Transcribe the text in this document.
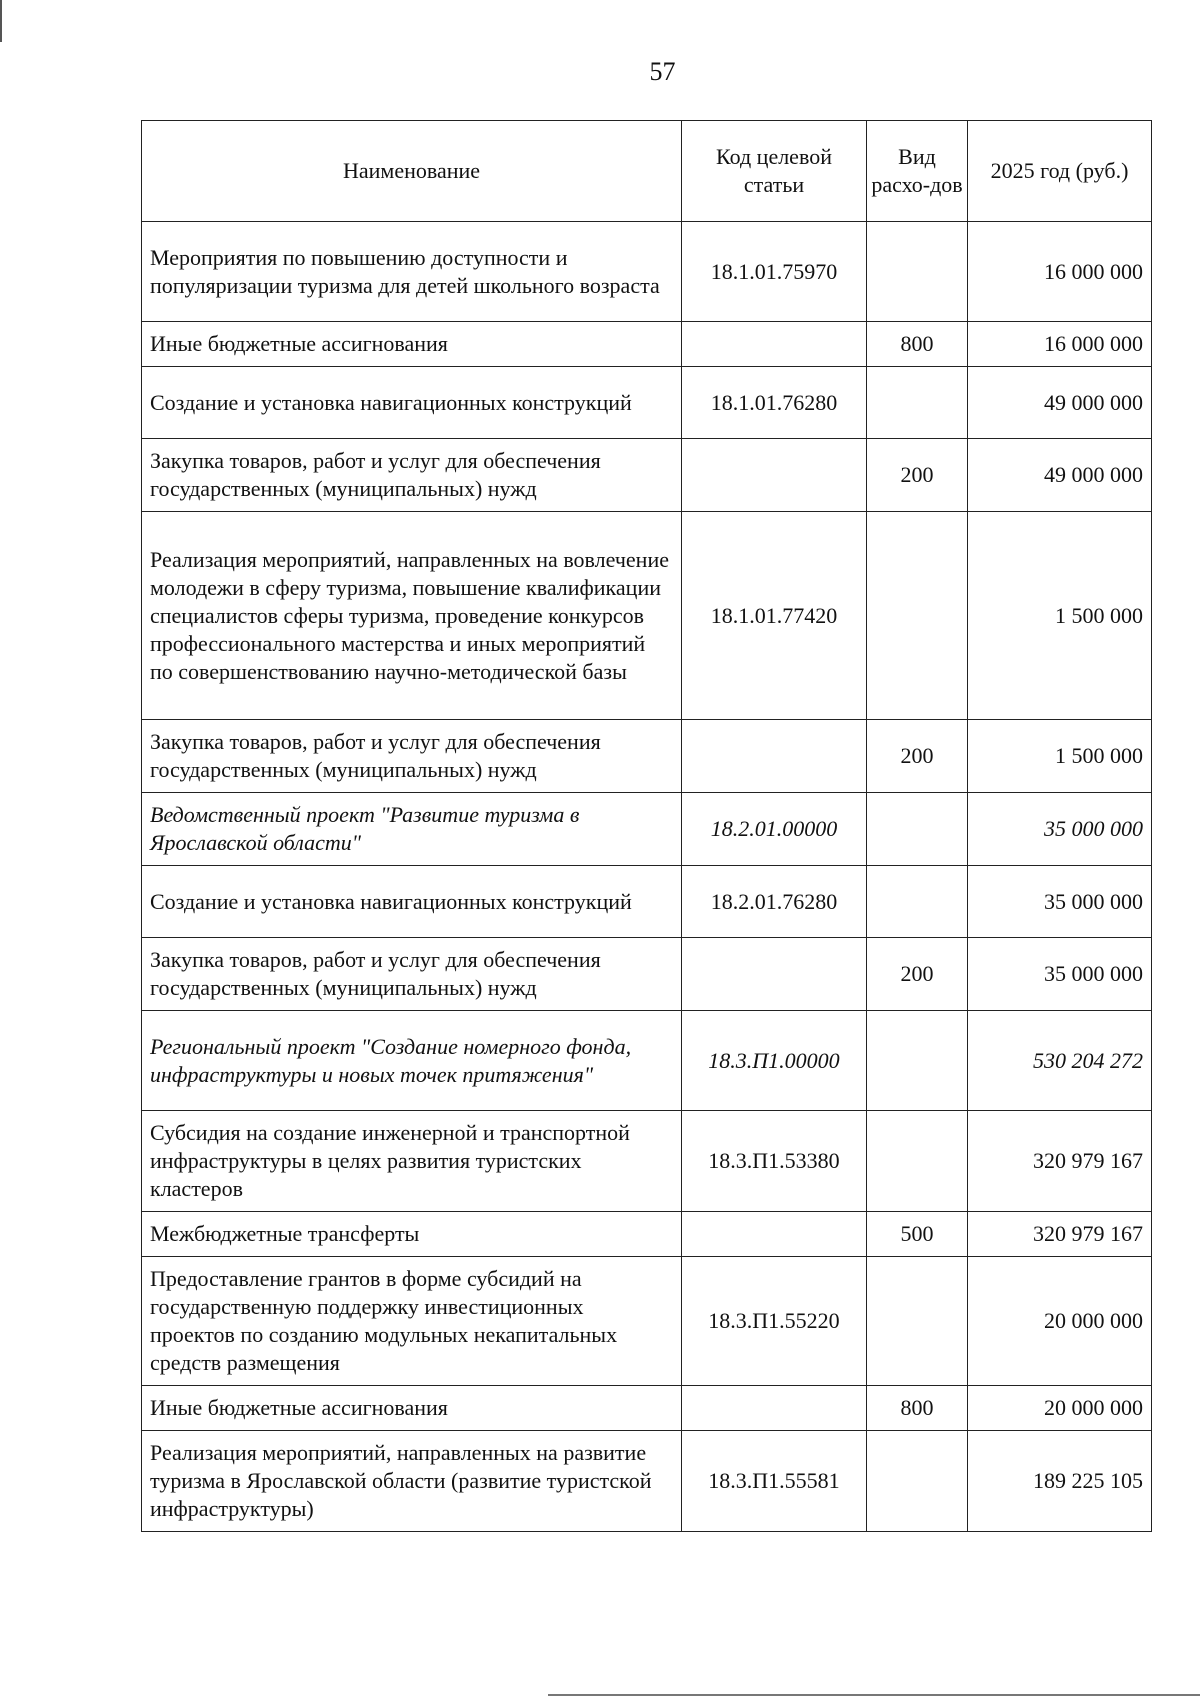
57
Наименование	Код целевой статьи	Вид расхо-дов	2025 год (руб.)
Мероприятия по повышению доступности и популяризации туризма для детей школьного возраста	18.1.01.75970		16 000 000
Иные бюджетные ассигнования		800	16 000 000
Создание и установка навигационных конструкций	18.1.01.76280		49 000 000
Закупка товаров, работ и услуг для обеспечения государственных (муниципальных) нужд		200	49 000 000
Реализация мероприятий, направленных на вовлечение молодежи в сферу туризма, повышение квалификации специалистов сферы туризма, проведение конкурсов профессионального мастерства и иных мероприятий по совершенствованию научно-методической базы	18.1.01.77420		1 500 000
Закупка товаров, работ и услуг для обеспечения государственных (муниципальных) нужд		200	1 500 000
Ведомственный проект "Развитие туризма в Ярославской области"	18.2.01.00000		35 000 000
Создание и установка навигационных конструкций	18.2.01.76280		35 000 000
Закупка товаров, работ и услуг для обеспечения государственных (муниципальных) нужд		200	35 000 000
Региональный проект "Создание номерного фонда, инфраструктуры и новых точек притяжения"	18.3.П1.00000		530 204 272
Субсидия на создание инженерной и транспортной инфраструктуры в целях развития туристских кластеров	18.3.П1.53380		320 979 167
Межбюджетные трансферты		500	320 979 167
Предоставление грантов в форме субсидий на государственную поддержку инвестиционных проектов по созданию модульных некапитальных средств размещения	18.3.П1.55220		20 000 000
Иные бюджетные ассигнования		800	20 000 000
Реализация мероприятий, направленных на развитие туризма в Ярославской области (развитие туристской инфраструктуры)	18.3.П1.55581		189 225 105
